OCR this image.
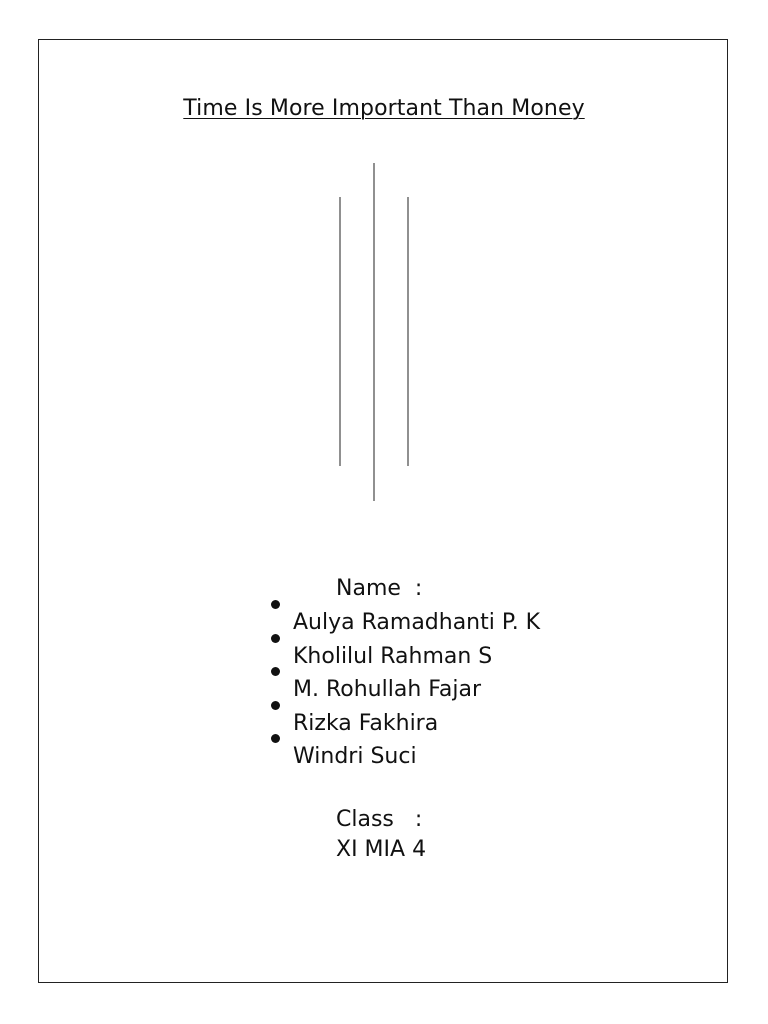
Time Is More Important Than Money
Name  :
Aulya Ramadhanti P. K
Kholilul Rahman S
M. Rohullah Fajar
Rizka Fakhira
Windri Suci
Class   :
XI MIA 4
